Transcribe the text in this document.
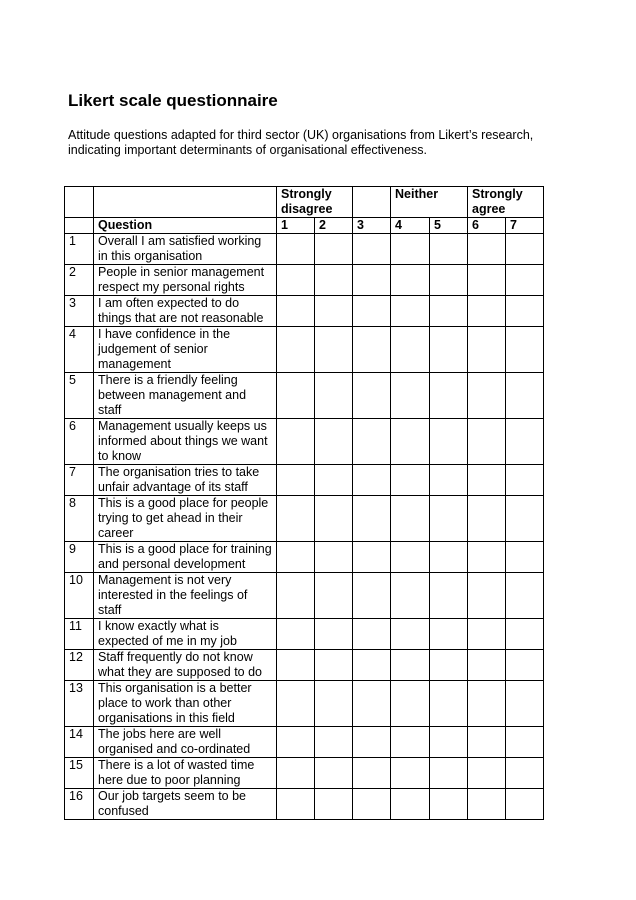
Likert scale questionnaire

Attitude questions adapted for third sector (UK) organisations from Likert’s research, indicating important determinants of organisational effectiveness.

		Strongly disagree			Neither		Strongly agree	
	Question	1	2	3	4	5	6	7
1	Overall I am satisfied working in this organisation							
2	People in senior management respect my personal rights							
3	I am often expected to do things that are not reasonable							
4	I have confidence in the judgement of senior management							
5	There is a friendly feeling between management and staff							
6	Management usually keeps us informed about things we want to know							
7	The organisation tries to take unfair advantage of its staff							
8	This is a good place for people trying to get ahead in their career							
9	This is a good place for training and personal development							
10	Management is not very interested in the feelings of staff							
11	I know exactly what is expected of me in my job							
12	Staff frequently do not know what they are supposed to do							
13	This organisation is a better place to work than other organisations in this field							
14	The jobs here are well organised and co-ordinated							
15	There is a lot of wasted time here due to poor planning							
16	Our job targets seem to be confused							
